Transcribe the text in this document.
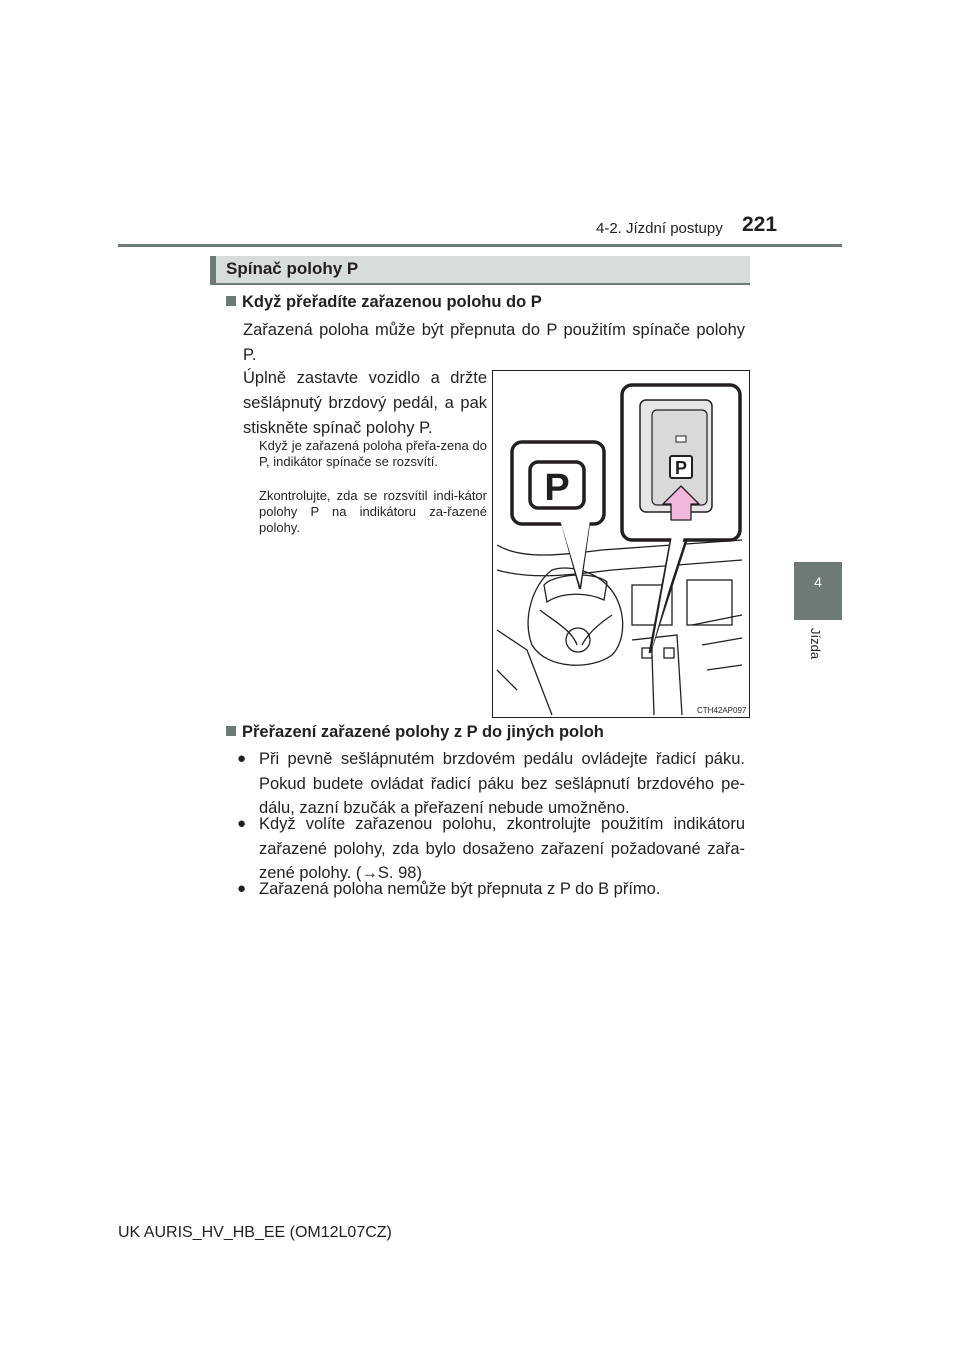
4-2. Jízdní postupy 221
4
Jízda
Spínač polohy P
Když přeřadíte zařazenou polohu do P
Zařazená poloha může být přepnuta do P použitím spínače polohy P.
Úplně zastavte vozidlo a držte sešlápnutý brzdový pedál, a pak stiskněte spínač polohy P.
Když je zařazená poloha přeřa-zena do P, indikátor spínače se rozsvítí.
Zkontrolujte, zda se rozsvítil indi-kátor polohy P na indikátoru za-řazené polohy.
P	P
CTH42AP097
Přeřazení zařazené polohy z P do jiných poloh
● Při pevně sešlápnutém brzdovém pedálu ovládejte řadicí páku. Pokud budete ovládat řadicí páku bez sešlápnutí brzdového pe-dálu, zazní bzučák a přeřazení nebude umožněno.
● Když volíte zařazenou polohu, zkontrolujte použitím indikátoru zařazené polohy, zda bylo dosaženo zařazení požadované zařa-zené polohy. (→S. 98)
● Zařazená poloha nemůže být přepnuta z P do B přímo.
UK AURIS_HV_HB_EE (OM12L07CZ)
